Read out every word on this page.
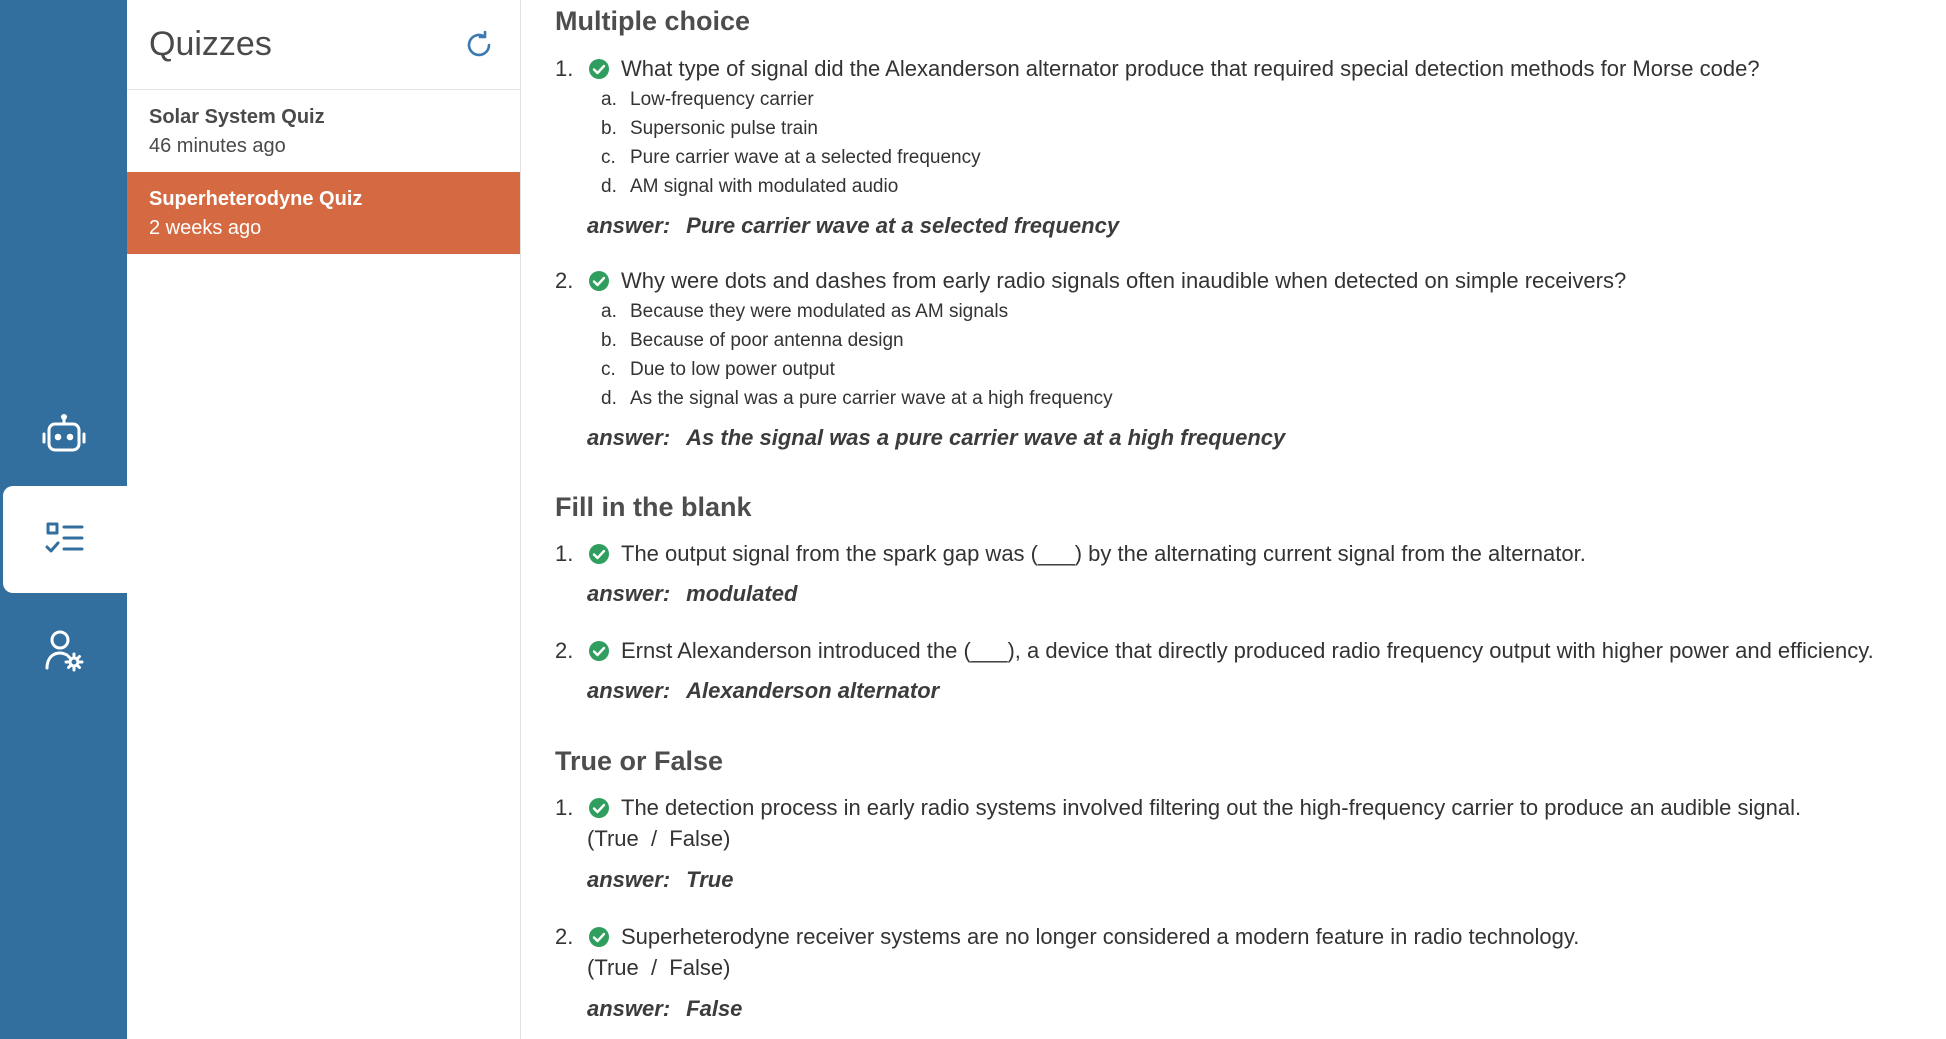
Quizzes
Solar System Quiz
46 minutes ago
Superheterodyne Quiz
2 weeks ago
Multiple choice
1.	What type of signal did the Alexanderson alternator produce that required special detection methods for Morse code?
a. Low-frequency carrier
b. Supersonic pulse train
c. Pure carrier wave at a selected frequency
d. AM signal with modulated audio
answer: Pure carrier wave at a selected frequency
2.	Why were dots and dashes from early radio signals often inaudible when detected on simple receivers?
a. Because they were modulated as AM signals
b. Because of poor antenna design
c. Due to low power output
d. As the signal was a pure carrier wave at a high frequency
answer: As the signal was a pure carrier wave at a high frequency
Fill in the blank
1.	The output signal from the spark gap was (___) by the alternating current signal from the alternator.
answer: modulated
2.	Ernst Alexanderson introduced the (___), a device that directly produced radio frequency output with higher power and efficiency.
answer: Alexanderson alternator
True or False
1.	The detection process in early radio systems involved filtering out the high-frequency carrier to produce an audible signal.
(True  /  False)
answer: True
2.	Superheterodyne receiver systems are no longer considered a modern feature in radio technology.
(True  /  False)
answer: False
